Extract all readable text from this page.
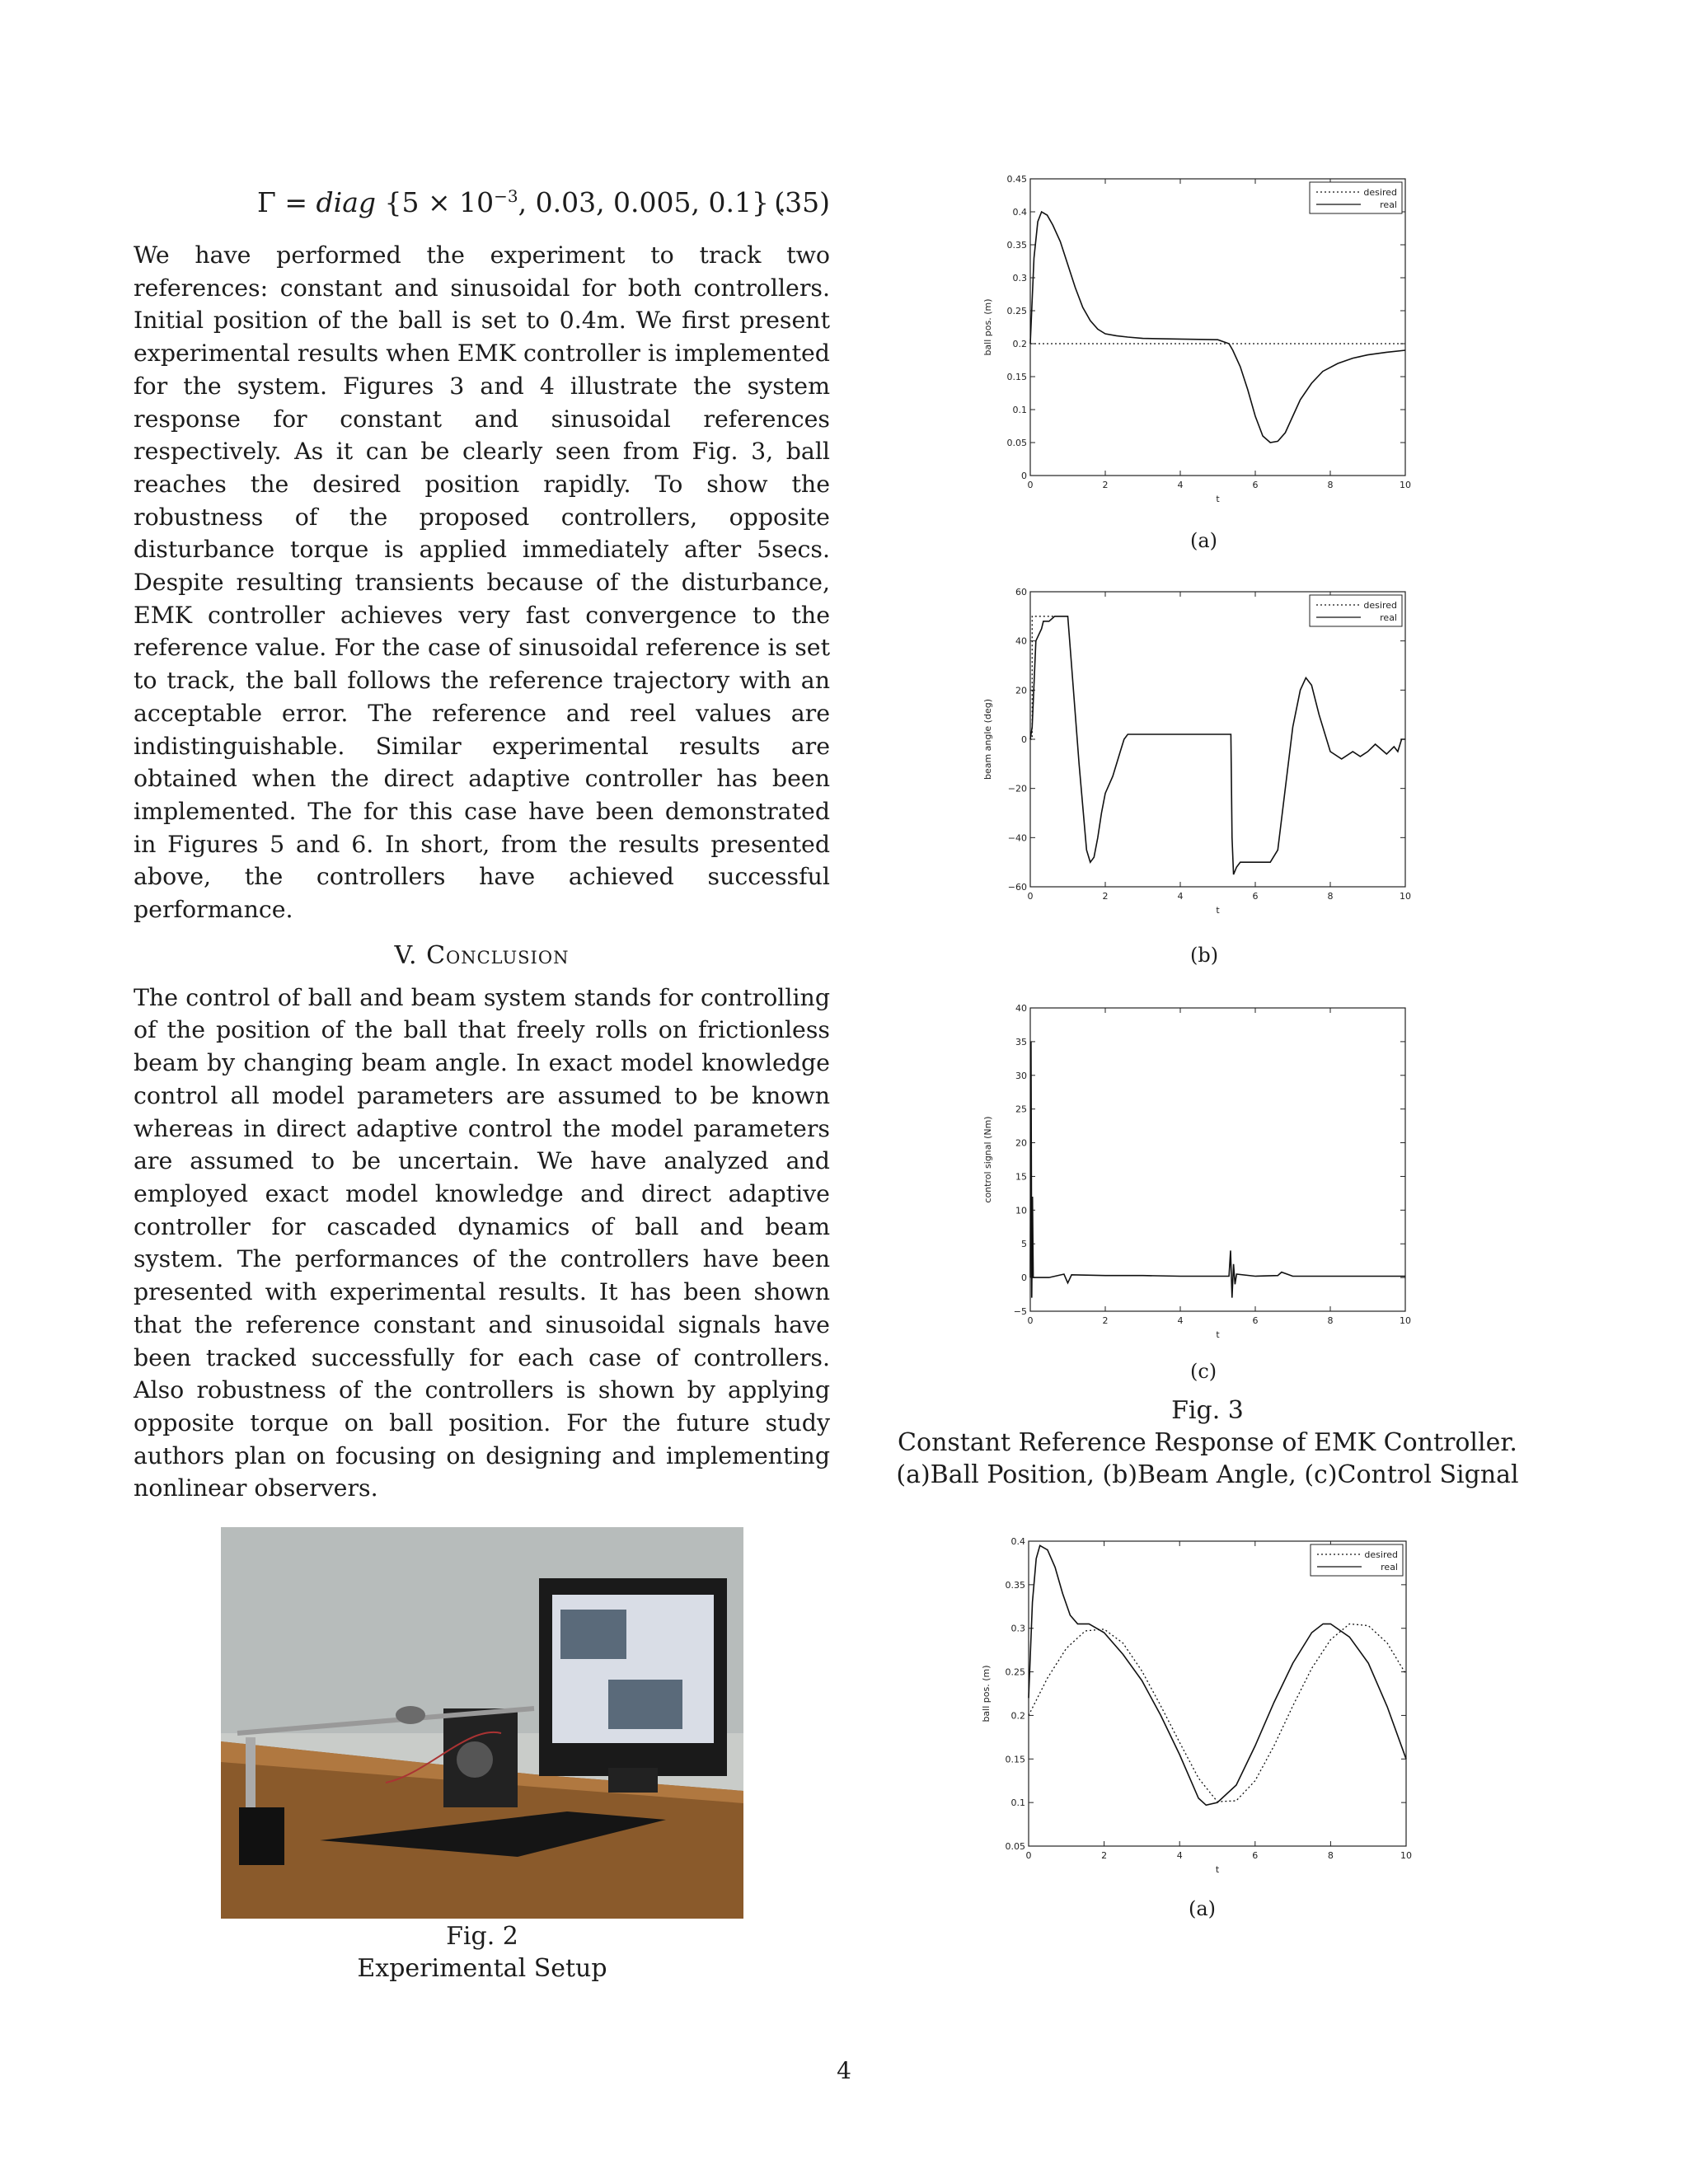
Γ = diag {$5 \times 10^{-3}$, 0.03, 0.005, 0.1} .
(35)

We have performed the experiment to track two references: constant and sinusoidal for both controllers. Initial position of the ball is set to 0.4m. We first present experimental results when EMK controller is implemented for the system. Figures 3 and 4 illustrate the system response for constant and sinusoidal references respectively. As it can be clearly seen from Fig. 3, ball reaches the desired position rapidly. To show the robustness of the proposed controllers, opposite disturbance torque is applied immediately after 5secs. Despite resulting transients because of the disturbance, EMK controller achieves very fast convergence to the reference value. For the case of sinusoidal reference is set to track, the ball follows the reference trajectory with an acceptable error. The reference and reel values are indistinguishable. Similar experimental results are obtained when the direct adaptive controller has been implemented. The for this case have been demonstrated in Figures 5 and 6. In short, from the results presented above, the controllers have achieved successful performance.

V. Conclusion

The control of ball and beam system stands for controlling of the position of the ball that freely rolls on frictionless beam by changing beam angle. In exact model knowledge control all model parameters are assumed to be known whereas in direct adaptive control the model parameters are assumed to be uncertain. We have analyzed and employed exact model knowledge and direct adaptive controller for cascaded dynamics of ball and beam system. The performances of the controllers have been presented with experimental results. It has been shown that the reference constant and sinusoidal signals have been tracked successfully for each case of controllers. Also robustness of the controllers is shown by applying opposite torque on ball position. For the future study authors plan on focusing on designing and implementing nonlinear observers.

Fig. 2
Experimental Setup
0	2	4	6	8	10
0
0.05
0.1
0.15
0.2
0.25
0.3
0.35
0.4
0.45
t
ball pos. (m)
desired
real
(a)
0	2	4	6	8	10
−60
−40
−20
0
20
40
60
t
beam angle (deg)
desired
real
(b)
0	2	4	6	8	10
−5
0
5
10
15
20
25
30
35
40
t
control signal (Nm)
(c)
Fig. 3
Constant Reference Response of EMK Controller.
(a)Ball Position, (b)Beam Angle, (c)Control Signal
0	2	4	6	8	10
0.05
0.1
0.15
0.2
0.25
0.3
0.35
0.4
t
ball pos. (m)
desired
real
(a)
4
